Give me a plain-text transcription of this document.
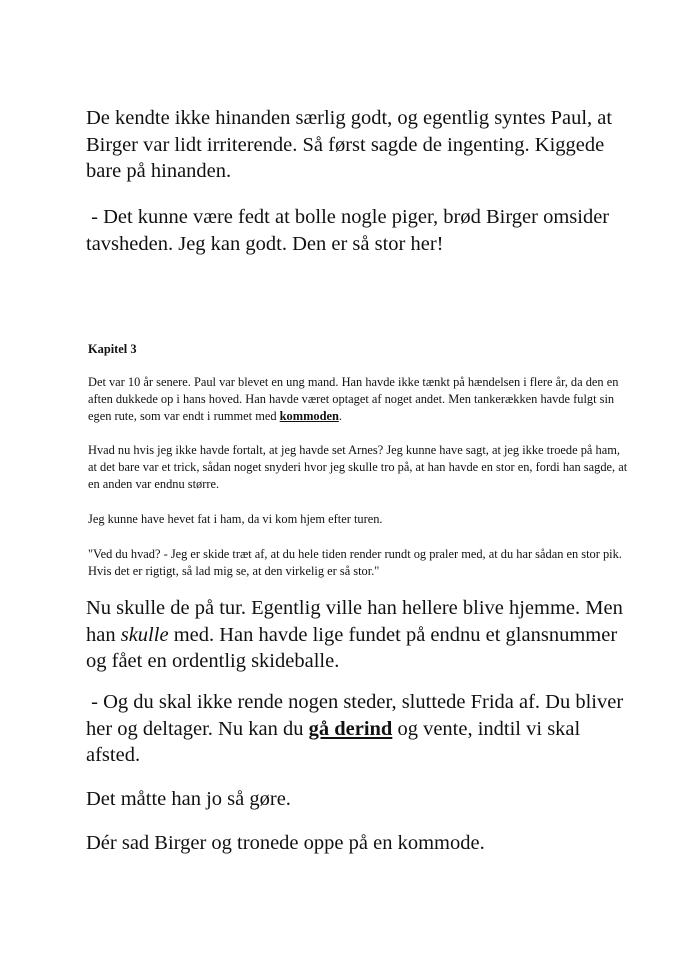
De kendte ikke hinanden særlig godt, og egentlig syntes Paul, at Birger var lidt irriterende. Så først sagde de ingenting. Kiggede bare på hinanden.

- Det kunne være fedt at bolle nogle piger, brød Birger omsider tavsheden. Jeg kan godt. Den er så stor her!

Kapitel 3

Det var 10 år senere. Paul var blevet en ung mand. Han havde ikke tænkt på hændelsen i flere år, da den en aften dukkede op i hans hoved. Han havde været optaget af noget andet. Men tankerækken havde fulgt sin egen rute, som var endt i rummet med kommoden.

Hvad nu hvis jeg ikke havde fortalt, at jeg havde set Arnes? Jeg kunne have sagt, at jeg ikke troede på ham, at det bare var et trick, sådan noget snyderi hvor jeg skulle tro på, at han havde en stor en, fordi han sagde, at en anden var endnu større.

Jeg kunne have hevet fat i ham, da vi kom hjem efter turen.

"Ved du hvad? - Jeg er skide træt af, at du hele tiden render rundt og praler med, at du har sådan en stor pik. Hvis det er rigtigt, så lad mig se, at den virkelig er så stor."

Nu skulle de på tur. Egentlig ville han hellere blive hjemme. Men han skulle med. Han havde lige fundet på endnu et glansnummer og fået en ordentlig skideballe.

- Og du skal ikke rende nogen steder, sluttede Frida af. Du bliver her og deltager. Nu kan du gå derind og vente, indtil vi skal afsted.

Det måtte han jo så gøre.

Dér sad Birger og tronede oppe på en kommode.
